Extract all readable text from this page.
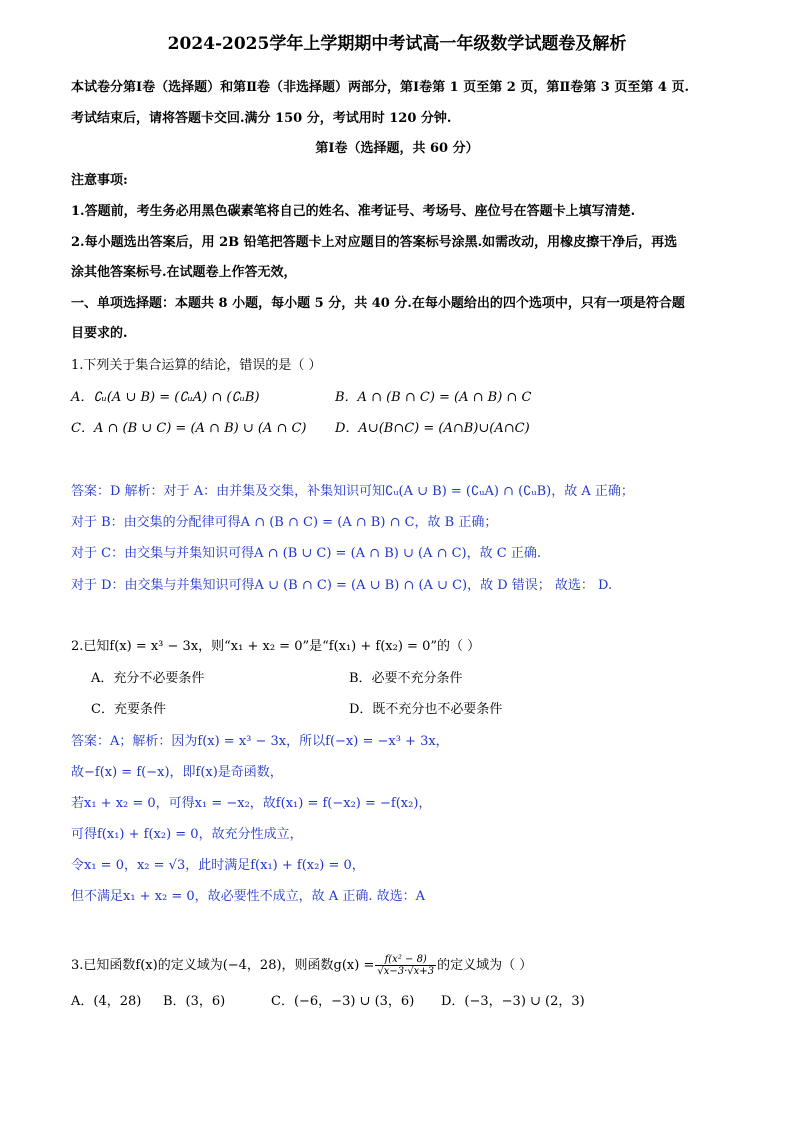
2024-2025学年上学期期中考试高一年级数学试题卷及解析
本试卷分第Ⅰ卷（选择题）和第Ⅱ卷（非选择题）两部分，第Ⅰ卷第 1 页至第 2 页，第Ⅱ卷第 3 页至第 4 页.
考试结束后，请将答题卡交回.满分 150 分，考试用时 120 分钟.
第Ⅰ卷（选择题，共 60 分）
注意事项:
1.答题前，考生务必用黑色碳素笔将自己的姓名、准考证号、考场号、座位号在答题卡上填写清楚.
2.每小题选出答案后，用 2B 铅笔把答题卡上对应题目的答案标号涂黑.如需改动，用橡皮擦干净后，再选
涂其他答案标号.在试题卷上作答无效，
一、单项选择题：本题共 8 小题，每小题 5 分，共 40 分.在每小题给出的四个选项中，只有一项是符合题
目要求的.
1.下列关于集合运算的结论，错误的是（ ）
A．∁ᵤ(A ∪ B) = (∁ᵤA) ∩ (∁ᵤB)	B．A ∩ (B ∩ C) = (A ∩ B) ∩ C
C．A ∩ (B ∪ C) = (A ∩ B) ∪ (A ∩ C) D．A∪(B∩C) = (A∩B)∪(A∩C)
答案：D 解析：对于 A：由并集及交集，补集知识可知∁ᵤ(A ∪ B) = (∁ᵤA) ∩ (∁ᵤB)，故 A 正确；
对于 B：由交集的分配律可得A ∩ (B ∩ C) = (A ∩ B) ∩ C，故 B 正确；
对于 C：由交集与并集知识可得A ∩ (B ∪ C) = (A ∩ B) ∪ (A ∩ C)，故 C 正确.
对于 D：由交集与并集知识可得A ∪ (B ∩ C) = (A ∪ B) ∩ (A ∪ C)，故 D 错误； 故选： D.
2.已知f(x) = x³ − 3x，则“x₁ + x₂ = 0”是“f(x₁) + f(x₂) = 0”的（ ）
A．充分不必要条件	B．必要不充分条件
C．充要条件	D．既不充分也不必要条件
答案：A；解析：因为f(x) = x³ − 3x，所以f(−x) = −x³ + 3x，
故−f(x) = f(−x)，即f(x)是奇函数，
若x₁ + x₂ = 0，可得x₁ = −x₂，故f(x₁) = f(−x₂) = −f(x₂)，
可得f(x₁) + f(x₂) = 0，故充分性成立，
令x₁ = 0，x₂ = √3，此时满足f(x₁) + f(x₂) = 0，
但不满足x₁ + x₂ = 0，故必要性不成立，故 A 正确. 故选：A
3.已知函数f(x)的定义域为(−4，28)，则函数$g(x) = \frac{\text{f(x² − 8)}}{√x-3\cdot√x+3}$ 的定义域为（ ）
A．(4，28) B．(3，6)	C．(−6，−3) ∪ (3，6) D．(−3，−3) ∪ (2，3)
